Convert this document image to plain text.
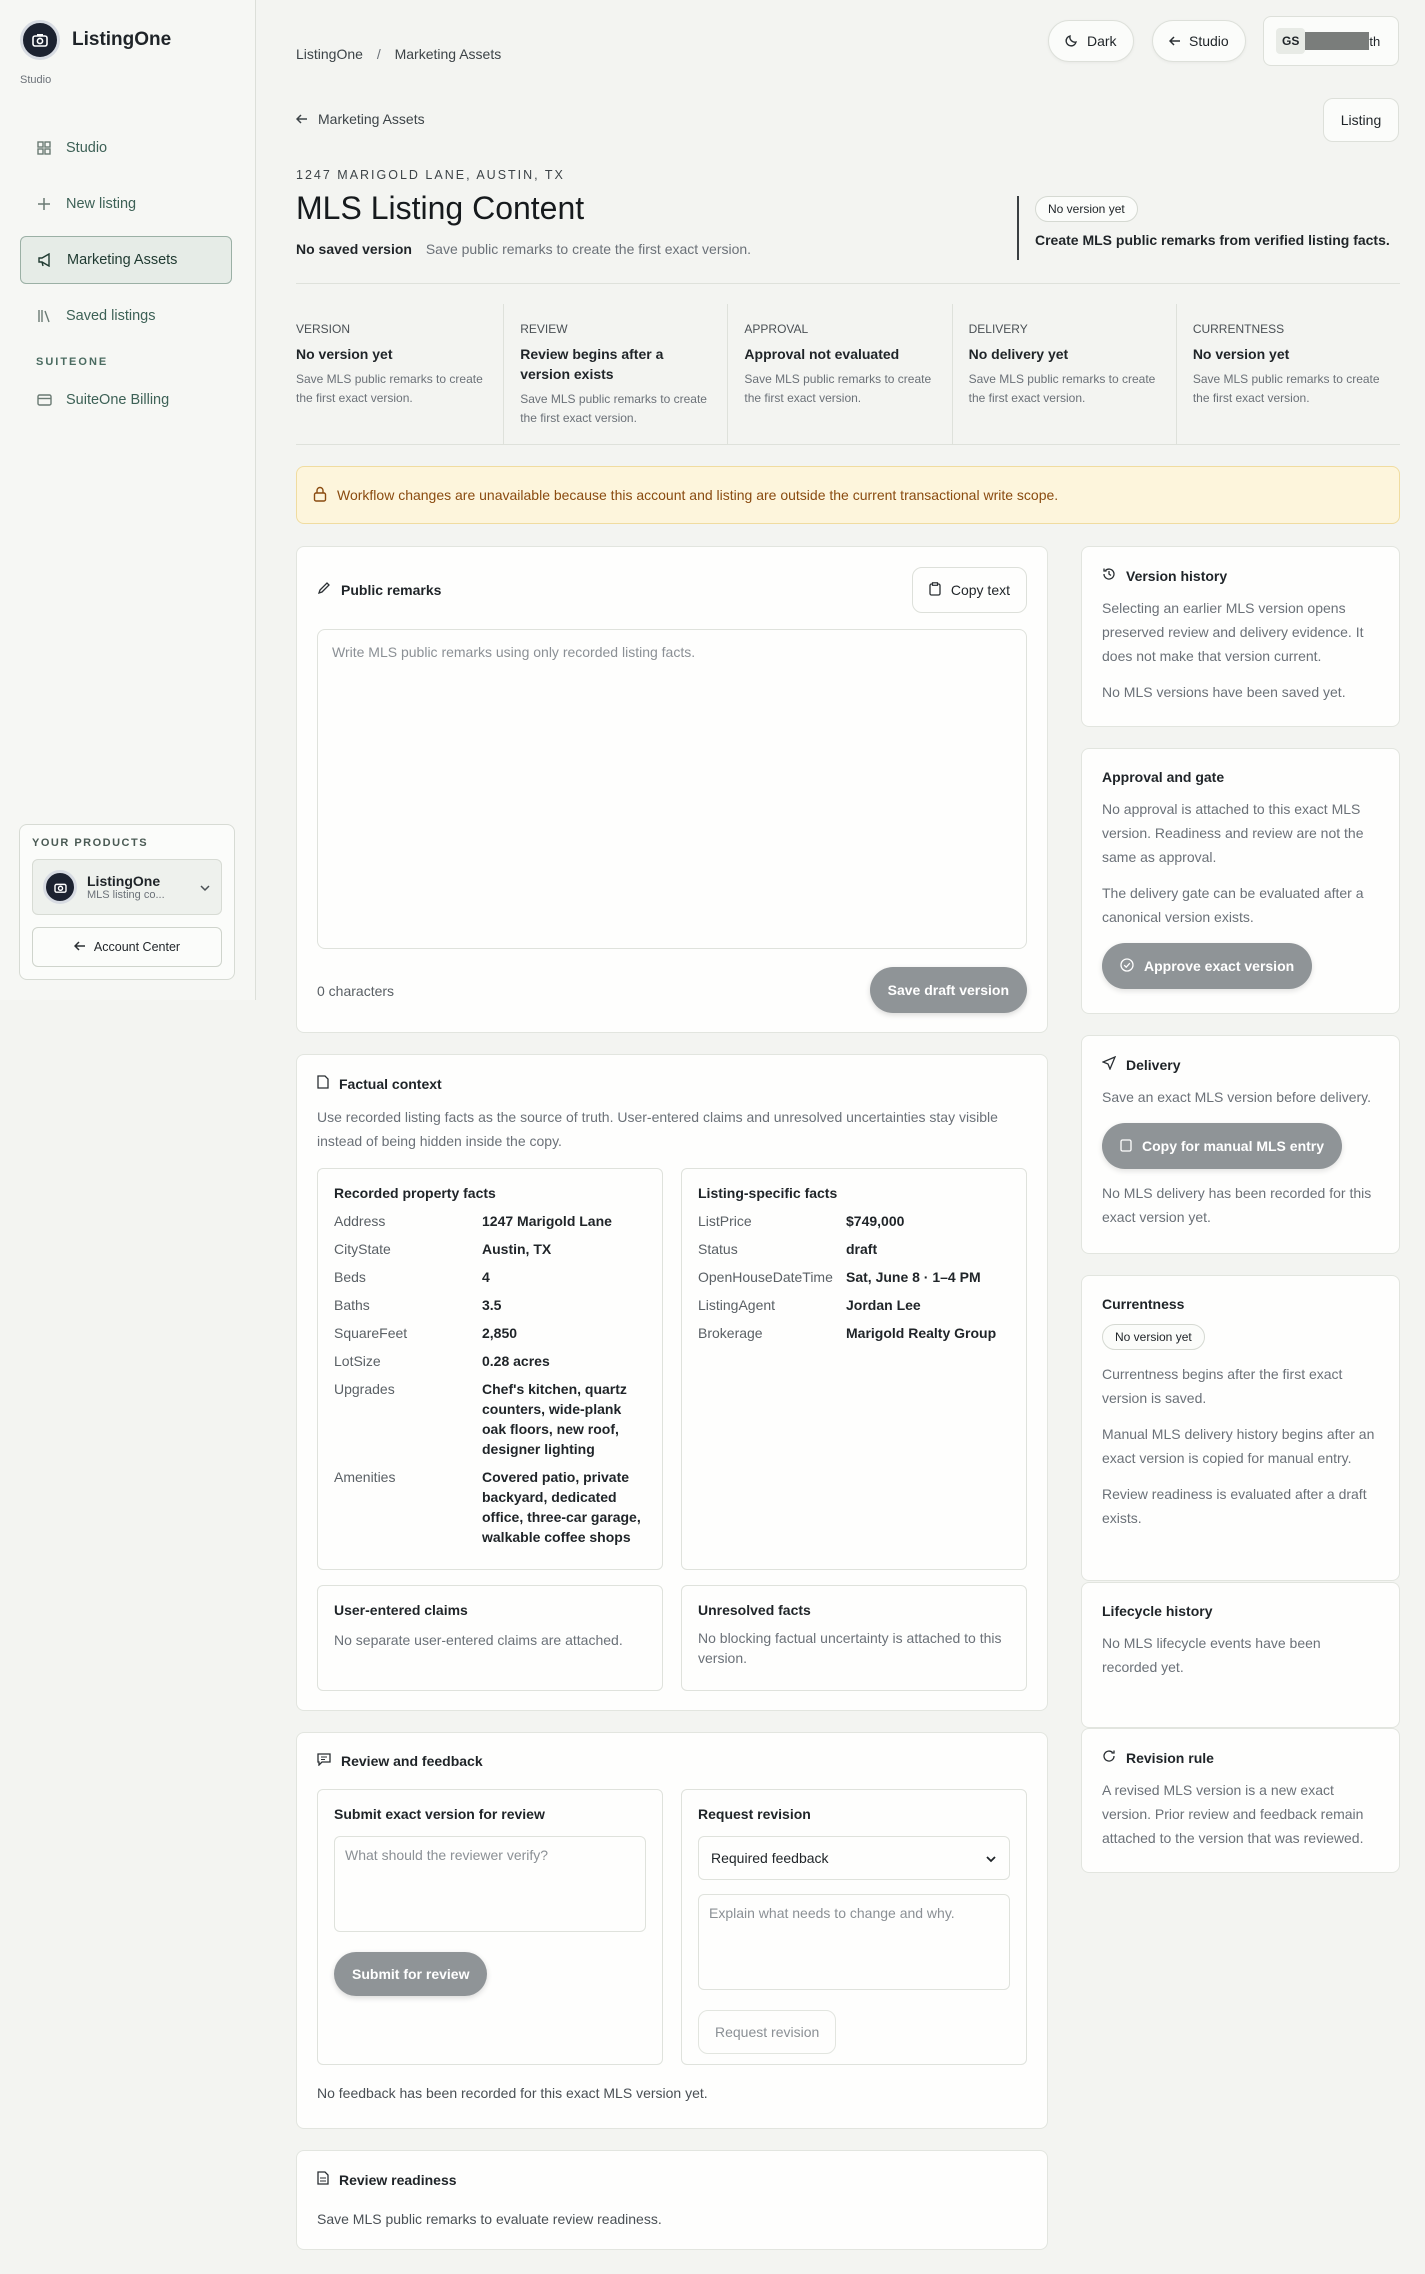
ListingOne
Studio
Studio
New listing
Marketing Assets
Saved listings
SUITEONE
SuiteOne Billing
YOUR PRODUCTS
ListingOne
MLS listing co...
Account Center
ListingOne / Marketing Assets
Dark	Studio	GS	th
Marketing Assets	Listing
1247 MARIGOLD LANE, AUSTIN, TX
MLS Listing Content
No saved version Save public remarks to create the first exact version.
No version yet
Create MLS public remarks from verified listing facts.
VERSION
No version yet
Save MLS public remarks to create the first exact version.
REVIEW
Review begins after a version exists
Save MLS public remarks to create the first exact version.
APPROVAL
Approval not evaluated
Save MLS public remarks to create the first exact version.
DELIVERY
No delivery yet
Save MLS public remarks to create the first exact version.
CURRENTNESS
No version yet
Save MLS public remarks to create the first exact version.
Workflow changes are unavailable because this account and listing are outside the current transactional write scope.
Public remarks	Copy text
Write MLS public remarks using only recorded listing facts.
0 characters	Save draft version
Factual context
Use recorded listing facts as the source of truth. User-entered claims and unresolved uncertainties stay visible instead of being hidden inside the copy.
Recorded property facts
Address	1247 Marigold Lane
CityState	Austin, TX
Beds	4
Baths	3.5
SquareFeet	2,850
LotSize	0.28 acres
Upgrades	Chef's kitchen, quartz counters, wide-plank oak floors, new roof, designer lighting
Amenities	Covered patio, private backyard, dedicated office, three-car garage, walkable coffee shops
Listing-specific facts
ListPrice	$749,000
Status	draft
OpenHouseDateTime Sat, June 8 · 1–4 PM
ListingAgent	Jordan Lee
Brokerage	Marigold Realty Group
User-entered claims
No separate user-entered claims are attached.
Unresolved facts
No blocking factual uncertainty is attached to this version.
Review and feedback
Submit exact version for review
What should the reviewer verify?
Submit for review
Request revision
Required feedback
Explain what needs to change and why.
Request revision
No feedback has been recorded for this exact MLS version yet.
Review readiness
Save MLS public remarks to evaluate review readiness.
Version history

Selecting an earlier MLS version opens preserved review and delivery evidence. It does not make that version current.

No MLS versions have been saved yet.

Approval and gate

No approval is attached to this exact MLS version. Readiness and review are not the same as approval.

The delivery gate can be evaluated after a canonical version exists.

Approve exact version
Delivery

Save an exact MLS version before delivery.

Copy for manual MLS entry

No MLS delivery has been recorded for this exact version yet.

Currentness

No version yet

Currentness begins after the first exact version is saved.

Manual MLS delivery history begins after an exact version is copied for manual entry.

Review readiness is evaluated after a draft exists.

Lifecycle history

No MLS lifecycle events have been recorded yet.

Revision rule

A revised MLS version is a new exact version. Prior review and feedback remain attached to the version that was reviewed.
